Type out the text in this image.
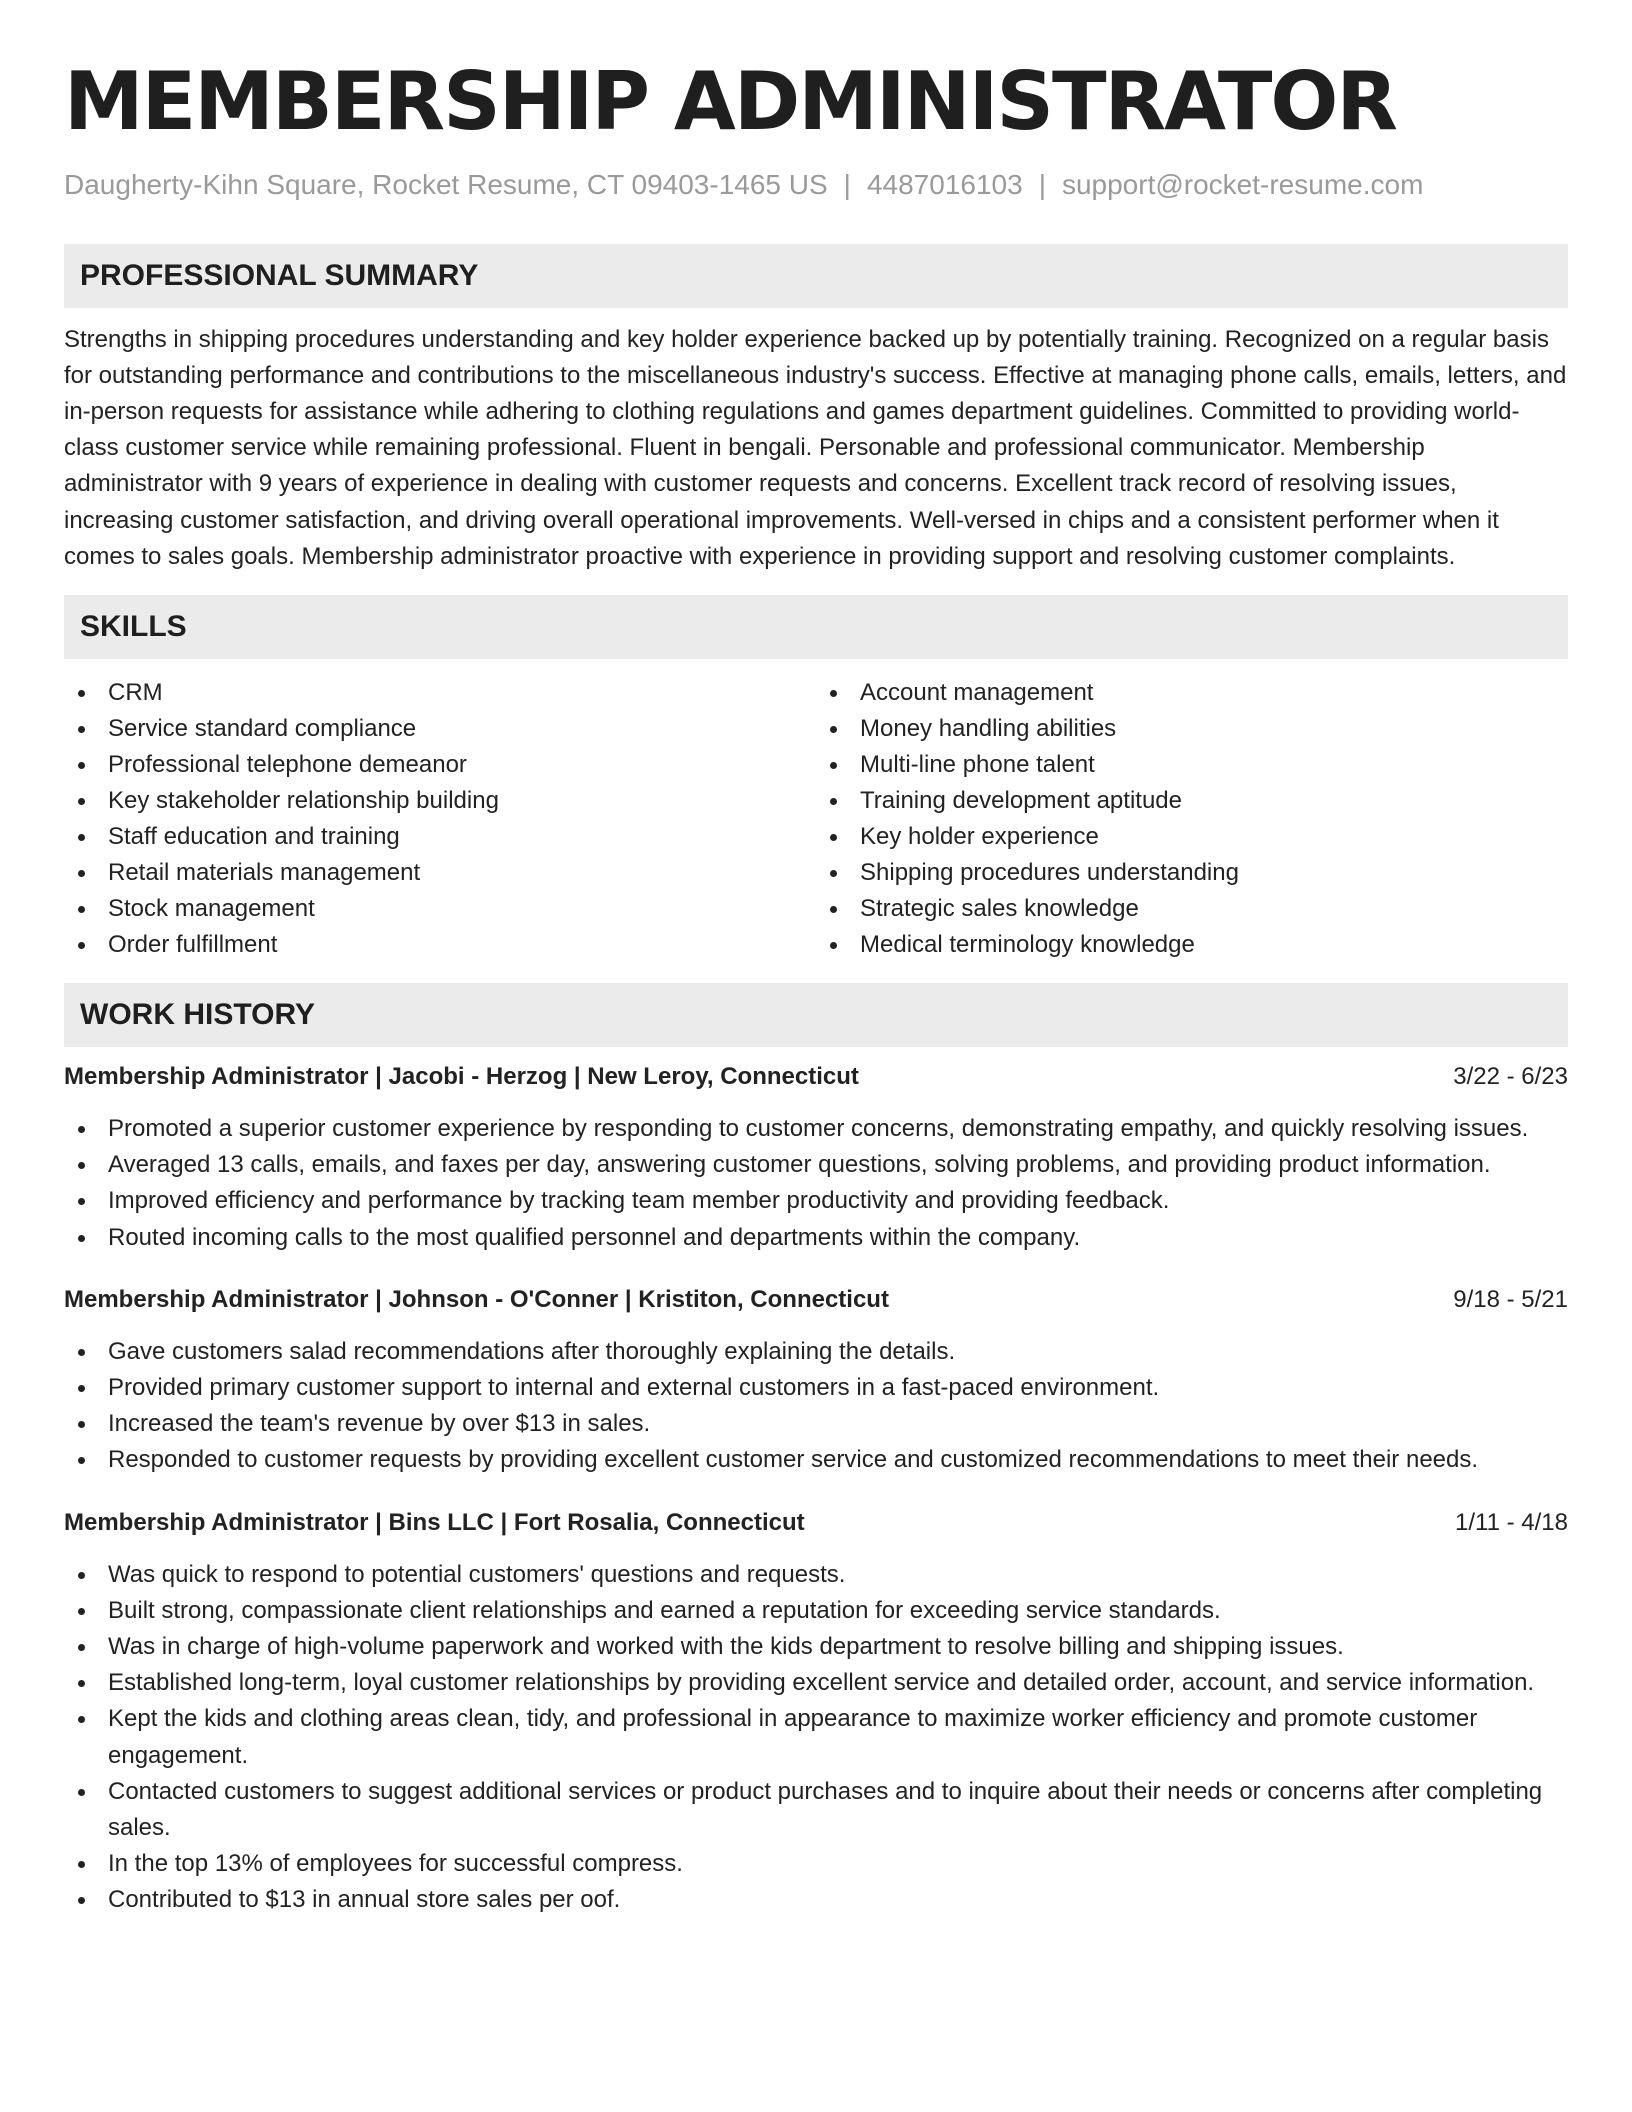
MEMBERSHIP ADMINISTRATOR
Daugherty-Kihn Square, Rocket Resume, CT 09403-1465 US | 4487016103 | support@rocket-resume.com
PROFESSIONAL SUMMARY

Strengths in shipping procedures understanding and key holder experience backed up by potentially training. Recognized on a regular basis for outstanding performance and contributions to the miscellaneous industry's success. Effective at managing phone calls, emails, letters, and in-person requests for assistance while adhering to clothing regulations and games department guidelines. Committed to providing world-class customer service while remaining professional. Fluent in bengali. Personable and professional communicator. Membership administrator with 9 years of experience in dealing with customer requests and concerns. Excellent track record of resolving issues, increasing customer satisfaction, and driving overall operational improvements. Well-versed in chips and a consistent performer when it comes to sales goals. Membership administrator proactive with experience in providing support and resolving customer complaints.

SKILLS
CRM
Service standard compliance
Professional telephone demeanor
Key stakeholder relationship building
Staff education and training
Retail materials management
Stock management
Order fulfillment
Account management
Money handling abilities
Multi-line phone talent
Training development aptitude
Key holder experience
Shipping procedures understanding
Strategic sales knowledge
Medical terminology knowledge
WORK HISTORY
Membership Administrator | Jacobi - Herzog | New Leroy, Connecticut	3/22 - 6/23
Promoted a superior customer experience by responding to customer concerns, demonstrating empathy, and quickly resolving issues.
Averaged 13 calls, emails, and faxes per day, answering customer questions, solving problems, and providing product information.
Improved efficiency and performance by tracking team member productivity and providing feedback.
Routed incoming calls to the most qualified personnel and departments within the company.
Membership Administrator | Johnson - O'Conner | Kristiton, Connecticut	9/18 - 5/21
Gave customers salad recommendations after thoroughly explaining the details.
Provided primary customer support to internal and external customers in a fast-paced environment.
Increased the team's revenue by over $13 in sales.
Responded to customer requests by providing excellent customer service and customized recommendations to meet their needs.
Membership Administrator | Bins LLC | Fort Rosalia, Connecticut	1/11 - 4/18
Was quick to respond to potential customers' questions and requests.
Built strong, compassionate client relationships and earned a reputation for exceeding service standards.
Was in charge of high-volume paperwork and worked with the kids department to resolve billing and shipping issues.
Established long-term, loyal customer relationships by providing excellent service and detailed order, account, and service information.
Kept the kids and clothing areas clean, tidy, and professional in appearance to maximize worker efficiency and promote customer engagement.
Contacted customers to suggest additional services or product purchases and to inquire about their needs or concerns after completing sales.
In the top 13% of employees for successful compress.
Contributed to $13 in annual store sales per oof.
